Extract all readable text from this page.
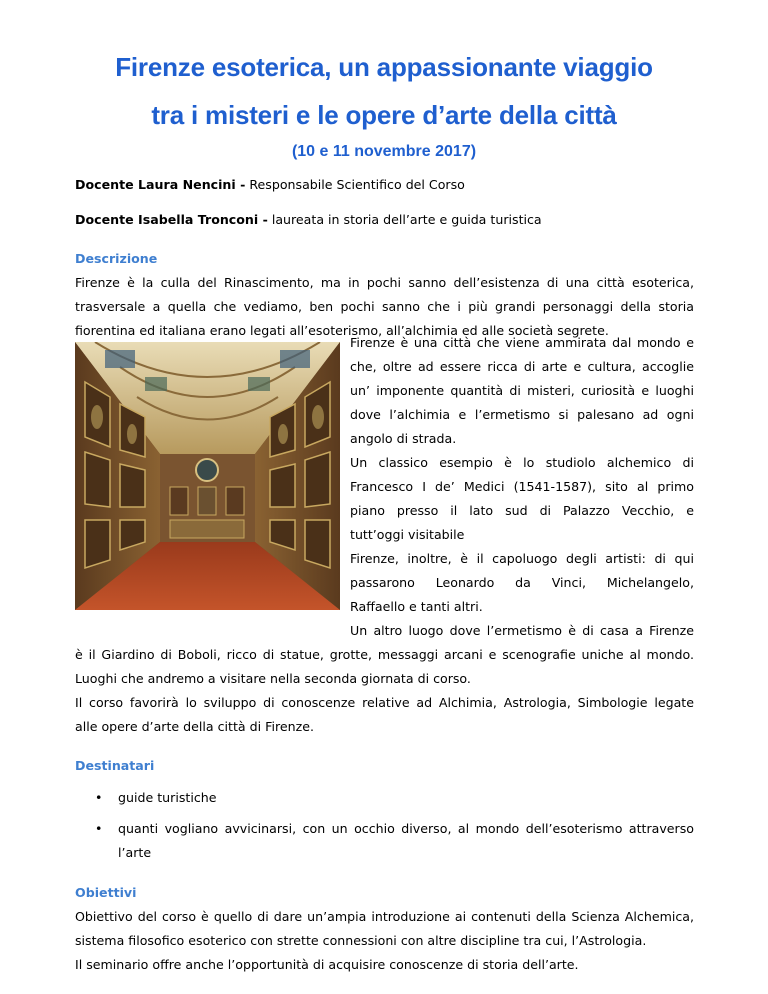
Firenze esoterica, un appassionante viaggio
tra i misteri e le opere d’arte della città
(10 e 11 novembre 2017)
Docente Laura Nencini - Responsabile Scientifico del Corso
Docente Isabella Tronconi - laureata in storia dell’arte e guida turistica
Descrizione
Firenze è la culla del Rinascimento, ma in pochi sanno dell’esistenza di una città esoterica,
trasversale a quella che vediamo, ben pochi sanno che i più grandi personaggi della storia
fiorentina ed italiana erano legati all’esoterismo, all’alchimia ed alle società segrete.
Firenze è una città che viene ammirata dal mondo e
che, oltre ad essere ricca di arte e cultura, accoglie
un’ imponente quantità di misteri, curiosità e luoghi
dove l’alchimia e l’ermetismo si palesano ad ogni
angolo di strada.
Un classico esempio è lo studiolo alchemico di
Francesco I de’ Medici (1541-1587), sito al primo
piano presso il lato sud di Palazzo Vecchio, e
tutt’oggi visitabile
Firenze, inoltre, è il capoluogo degli artisti: di qui
passarono Leonardo da Vinci, Michelangelo,
Raffaello e tanti altri.
Un altro luogo dove l’ermetismo è di casa a Firenze
è il Giardino di Boboli, ricco di statue, grotte, messaggi arcani e scenografie uniche al mondo.
Luoghi che andremo a visitare nella seconda giornata di corso.
Il corso favorirà lo sviluppo di conoscenze relative ad Alchimia, Astrologia, Simbologie legate
alle opere d’arte della città di Firenze.
Destinatari
• guide turistiche
• quanti vogliano avvicinarsi, con un occhio diverso, al mondo dell’esoterismo attraverso
l’arte
Obiettivi
Obiettivo del corso è quello di dare un’ampia introduzione ai contenuti della Scienza Alchemica,
sistema filosofico esoterico con strette connessioni con altre discipline tra cui, l’Astrologia.
Il seminario offre anche l’opportunità di acquisire conoscenze di storia dell’arte.
